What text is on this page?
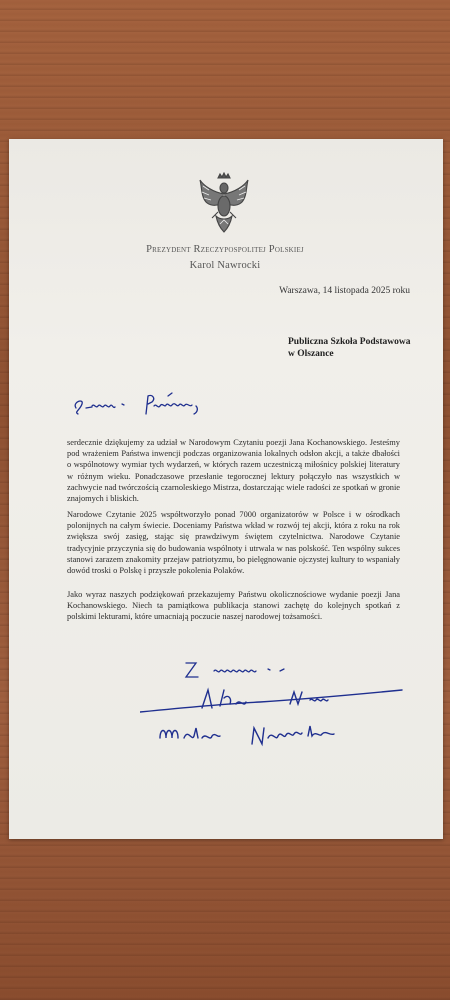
Prezydent Rzeczypospolitej Polskiej
Karol Nawrocki
Warszawa, 14 listopada 2025 roku
Publiczna Szkoła Podstawowa
w Olszance
serdecznie dziękujemy za udział w Narodowym Czytaniu poezji Jana Kochanowskiego. Jesteśmy pod wrażeniem Państwa inwencji podczas organizowania lokalnych odsłon akcji, a także dbałości o wspólnotowy wymiar tych wydarzeń, w których razem uczestniczą miłośnicy polskiej literatury w różnym wieku. Ponadczasowe przesłanie tegorocznej lektury połączyło nas wszystkich w zachwycie nad twórczością czarnoleskiego Mistrza, dostarczając wiele radości ze spotkań w gronie znajomych i bliskich.
Narodowe Czytanie 2025 współtworzyło ponad 7000 organizatorów w Polsce i w ośrodkach polonijnych na całym świecie. Doceniamy Państwa wkład w rozwój tej akcji, która z roku na rok zwiększa swój zasięg, stając się prawdziwym świętem czytelnictwa. Narodowe Czytanie tradycyjnie przyczynia się do budowania wspólnoty i utrwala w nas polskość. Ten wspólny sukces stanowi zarazem znakomity przejaw patriotyzmu, bo pielęgnowanie ojczystej kultury to wspaniały dowód troski o Polskę i przyszłe pokolenia Polaków.
Jako wyraz naszych podziękowań przekazujemy Państwu okolicznościowe wydanie poezji Jana Kochanowskiego. Niech ta pamiątkowa publikacja stanowi zachętę do kolejnych spotkań z polskimi lekturami, które umacniają poczucie naszej narodowej tożsamości.
